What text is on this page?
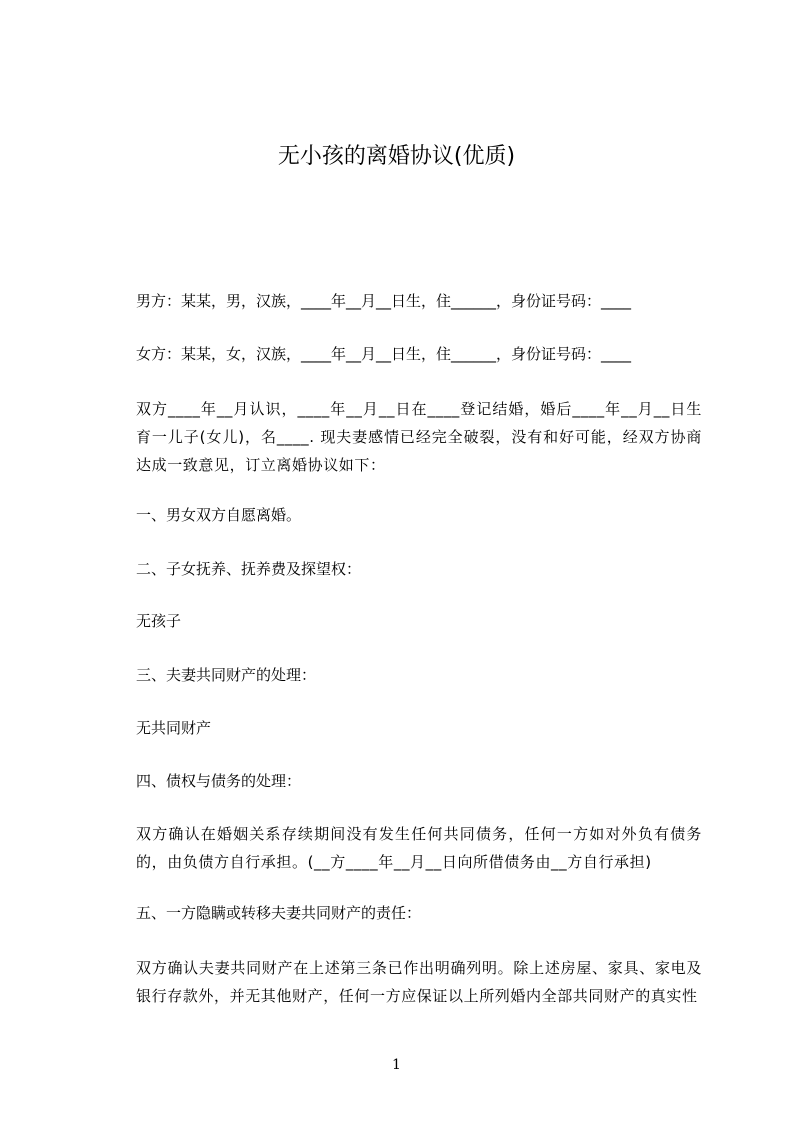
无小孩的离婚协议(优质)

男方：某某，男，汉族，____年__月__日生，住______，身份证号码：____

女方：某某，女，汉族，____年__月__日生，住______，身份证号码：____

双方____年__月认识，____年__月__日在____登记结婚，婚后____年__月__日生育一儿子(女儿)，名____. 现夫妻感情已经完全破裂，没有和好可能，经双方协商达成一致意见，订立离婚协议如下：

一、男女双方自愿离婚。

二、子女抚养、抚养费及探望权：

无孩子

三、夫妻共同财产的处理：

无共同财产

四、债权与债务的处理：

双方确认在婚姻关系存续期间没有发生任何共同债务，任何一方如对外负有债务的，由负债方自行承担。(__方____年__月__日向所借债务由__方自行承担)

五、一方隐瞒或转移夫妻共同财产的责任：

双方确认夫妻共同财产在上述第三条已作出明确列明。除上述房屋、家具、家电及银行存款外，并无其他财产，任何一方应保证以上所列婚内全部共同财产的真实性

1
